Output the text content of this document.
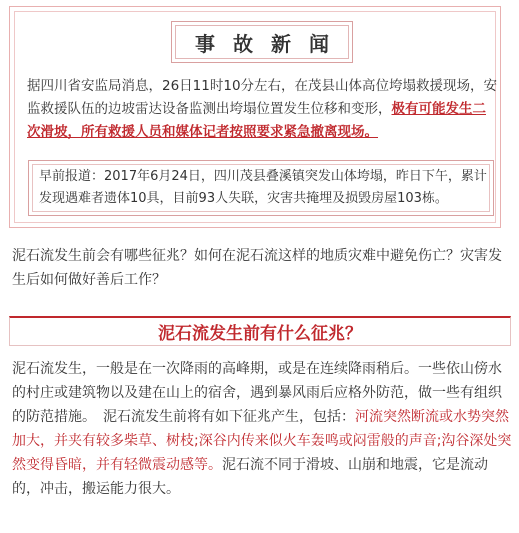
事故新闻
据四川省安监局消息，26日11时10分左右，在茂县山体高位垮塌救援现场，安监救援队伍的边坡雷达设备监测出垮塌位置发生位移和变形，极有可能发生二次滑坡，所有救援人员和媒体记者按照要求紧急撤离现场。
早前报道：2017年6月24日，四川茂县叠溪镇突发山体垮塌，昨日下午，累计发现遇难者遗体10具，目前93人失联，灾害共掩埋及损毁房屋103栋。
泥石流发生前会有哪些征兆？如何在泥石流这样的地质灾难中避免伤亡？灾害发生后如何做好善后工作？
泥石流发生前有什么征兆？
泥石流发生，一般是在一次降雨的高峰期，或是在连续降雨稍后。一些依山傍水的村庄或建筑物以及建在山上的宿舍，遇到暴风雨后应格外防范，做一些有组织的防范措施。　泥石流发生前将有如下征兆产生，包括：河流突然断流或水势突然加大，并夹有较多柴草、树枝;深谷内传来似火车轰鸣或闷雷般的声音;沟谷深处突然变得昏暗，并有轻微震动感等。泥石流不同于滑坡、山崩和地震，它是流动的，冲击，搬运能力很大。
